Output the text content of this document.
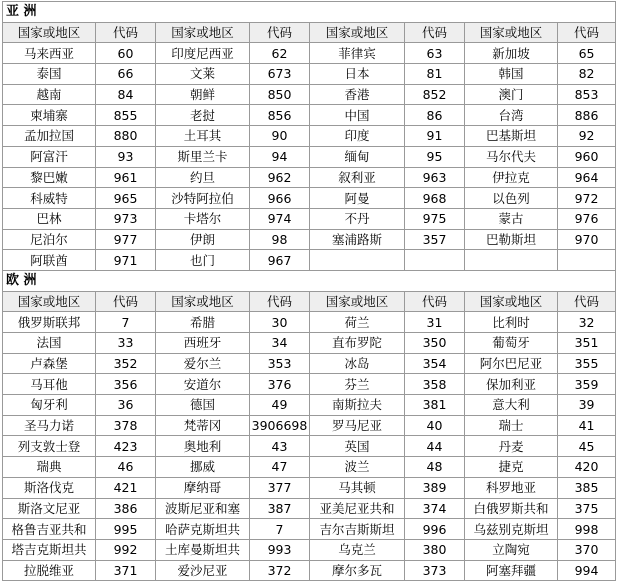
亚 洲							
国家或地区	代码	国家或地区	代码	国家或地区	代码	国家或地区	代码
马来西亚	60	印度尼西亚	62	菲律宾	63	新加坡	65
泰国	66	文莱	673	日本	81	韩国	82
越南	84	朝鲜	850	香港	852	澳门	853
柬埔寨	855	老挝	856	中国	86	台湾	886
孟加拉国	880	土耳其	90	印度	91	巴基斯坦	92
阿富汗	93	斯里兰卡	94	缅甸	95	马尔代夫	960
黎巴嫩	961	约旦	962	叙利亚	963	伊拉克	964
科威特	965	沙特阿拉伯	966	阿曼	968	以色列	972
巴林	973	卡塔尔	974	不丹	975	蒙古	976
尼泊尔	977	伊朗	98	塞浦路斯	357	巴勒斯坦	970
阿联酋	971	也门	967				
欧 洲							
国家或地区	代码	国家或地区	代码	国家或地区	代码	国家或地区	代码
俄罗斯联邦	7	希腊	30	荷兰	31	比利时	32
法国	33	西班牙	34	直布罗陀	350	葡萄牙	351
卢森堡	352	爱尔兰	353	冰岛	354	阿尔巴尼亚	355
马耳他	356	安道尔	376	芬兰	358	保加利亚	359
匈牙利	36	德国	49	南斯拉夫	381	意大利	39
圣马力诺	378	梵蒂冈	3906698	罗马尼亚	40	瑞士	41
列支敦士登	423	奥地利	43	英国	44	丹麦	45
瑞典	46	挪威	47	波兰	48	捷克	420
斯洛伐克	421	摩纳哥	377	马其顿	389	科罗地亚	385
斯洛文尼亚	386	波斯尼亚和塞	387	亚美尼亚共和	374	白俄罗斯共和	375
格鲁吉亚共和	995	哈萨克斯坦共	7	吉尔吉斯斯坦	996	乌兹别克斯坦	998
塔吉克斯坦共	992	土库曼斯坦共	993	乌克兰	380	立陶宛	370
拉脱维亚	371	爱沙尼亚	372	摩尔多瓦	373	阿塞拜疆	994
